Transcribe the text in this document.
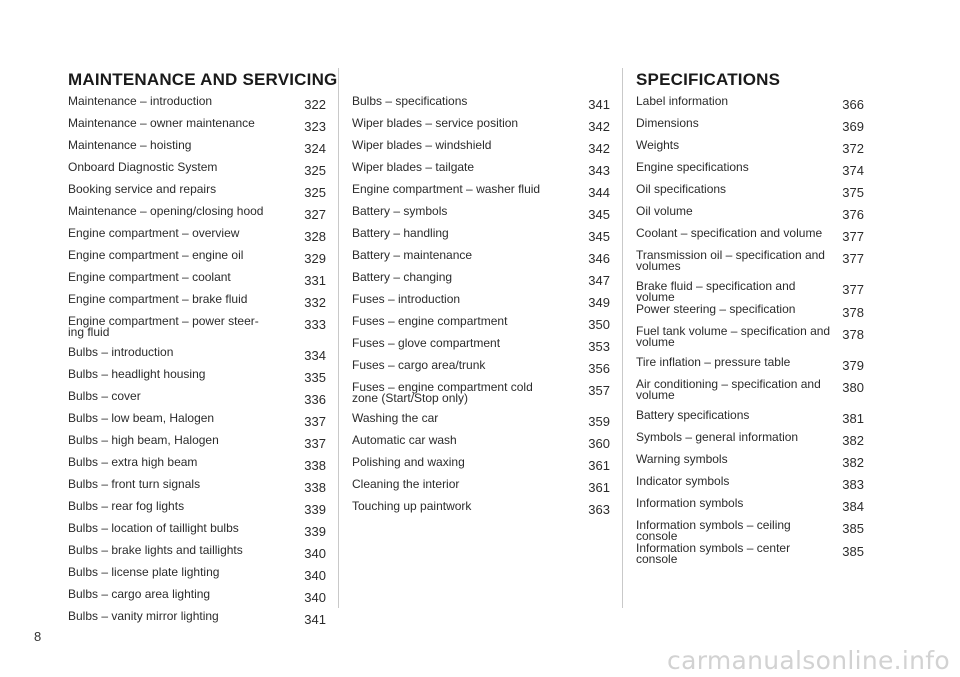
MAINTENANCE AND SERVICING
Maintenance – introduction	322
Maintenance – owner maintenance	323
Maintenance – hoisting	324
Onboard Diagnostic System	325
Booking service and repairs	325
Maintenance – opening/closing hood	327
Engine compartment – overview	328
Engine compartment – engine oil	329
Engine compartment – coolant	331
Engine compartment – brake fluid	332
Engine compartment – power steer-
ing fluid	333
Bulbs – introduction	334
Bulbs – headlight housing	335
Bulbs – cover	336
Bulbs – low beam, Halogen	337
Bulbs – high beam, Halogen	337
Bulbs – extra high beam	338
Bulbs – front turn signals	338
Bulbs – rear fog lights	339
Bulbs – location of taillight bulbs	339
Bulbs – brake lights and taillights	340
Bulbs – license plate lighting	340
Bulbs – cargo area lighting	340
Bulbs – vanity mirror lighting	341
Bulbs – specifications	341
Wiper blades – service position	342
Wiper blades – windshield	342
Wiper blades – tailgate	343
Engine compartment – washer fluid	344
Battery – symbols	345
Battery – handling	345
Battery – maintenance	346
Battery – changing	347
Fuses – introduction	349
Fuses – engine compartment	350
Fuses – glove compartment	353
Fuses – cargo area/trunk	356
Fuses – engine compartment cold
zone (Start/Stop only)	357
Washing the car	359
Automatic car wash	360
Polishing and waxing	361
Cleaning the interior	361
Touching up paintwork	363
SPECIFICATIONS
Label information	366
Dimensions	369
Weights	372
Engine specifications	374
Oil specifications	375
Oil volume	376
Coolant – specification and volume	377
Transmission oil – specification and
volumes	377
Brake fluid – specification and volume	377
Power steering – specification	378
Fuel tank volume – specification and
volume	378
Tire inflation – pressure table	379
Air conditioning – specification and
volume	380
Battery specifications	381
Symbols – general information	382
Warning symbols	382
Indicator symbols	383
Information symbols	384
Information symbols – ceiling console	385
Information symbols – center console	385
8
carmanualsonline.info
